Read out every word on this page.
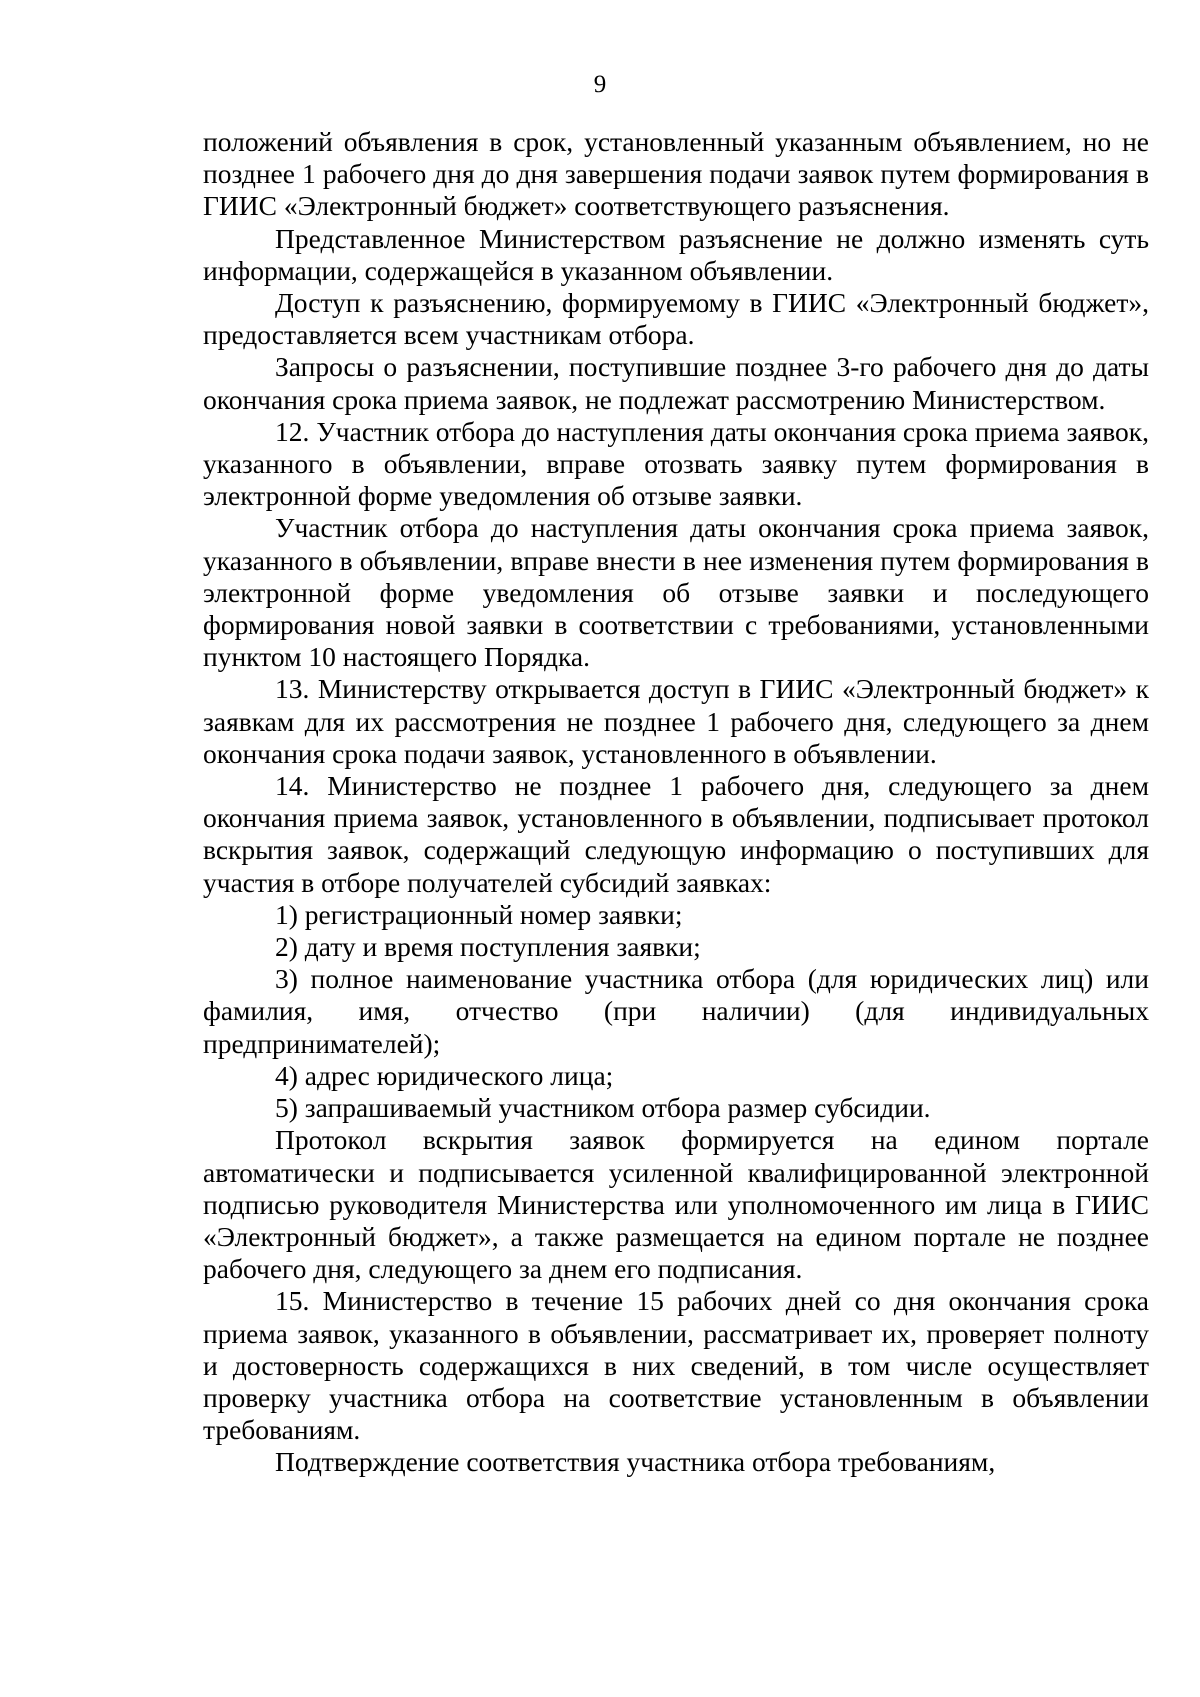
9

положений объявления в срок, установленный указанным объявлением, но не позднее 1 рабочего дня до дня завершения подачи заявок путем формирования в ГИИС «Электронный бюджет» соответствующего разъяснения.

Представленное Министерством разъяснение не должно изменять суть информации, содержащейся в указанном объявлении.

Доступ к разъяснению, формируемому в ГИИС «Электронный бюджет», предоставляется всем участникам отбора.

Запросы о разъяснении, поступившие позднее 3-го рабочего дня до даты окончания срока приема заявок, не подлежат рассмотрению Министерством.

12. Участник отбора до наступления даты окончания срока приема заявок, указанного в объявлении, вправе отозвать заявку путем формирования в электронной форме уведомления об отзыве заявки.

Участник отбора до наступления даты окончания срока приема заявок, указанного в объявлении, вправе внести в нее изменения путем формирования в электронной форме уведомления об отзыве заявки и последующего формирования новой заявки в соответствии с требованиями, установленными пунктом 10 настоящего Порядка.

13. Министерству открывается доступ в ГИИС «Электронный бюджет» к заявкам для их рассмотрения не позднее 1 рабочего дня, следующего за днем окончания срока подачи заявок, установленного в объявлении.

14. Министерство не позднее 1 рабочего дня, следующего за днем окончания приема заявок, установленного в объявлении, подписывает протокол вскрытия заявок, содержащий следующую информацию о поступивших для участия в отборе получателей субсидий заявках:

1) регистрационный номер заявки;

2) дату и время поступления заявки;

3) полное наименование участника отбора (для юридических лиц) или фамилия, имя, отчество (при наличии) (для индивидуальных предпринимателей);

4) адрес юридического лица;

5) запрашиваемый участником отбора размер субсидии.

Протокол вскрытия заявок формируется на едином портале автоматически и подписывается усиленной квалифицированной электронной подписью руководителя Министерства или уполномоченного им лица в ГИИС «Электронный бюджет», а также размещается на едином портале не позднее рабочего дня, следующего за днем его подписания.

15. Министерство в течение 15 рабочих дней со дня окончания срока приема заявок, указанного в объявлении, рассматривает их, проверяет полноту и достоверность содержащихся в них сведений, в том числе осуществляет проверку участника отбора на соответствие установленным в объявлении требованиям.

Подтверждение соответствия участника отбора требованиям,
